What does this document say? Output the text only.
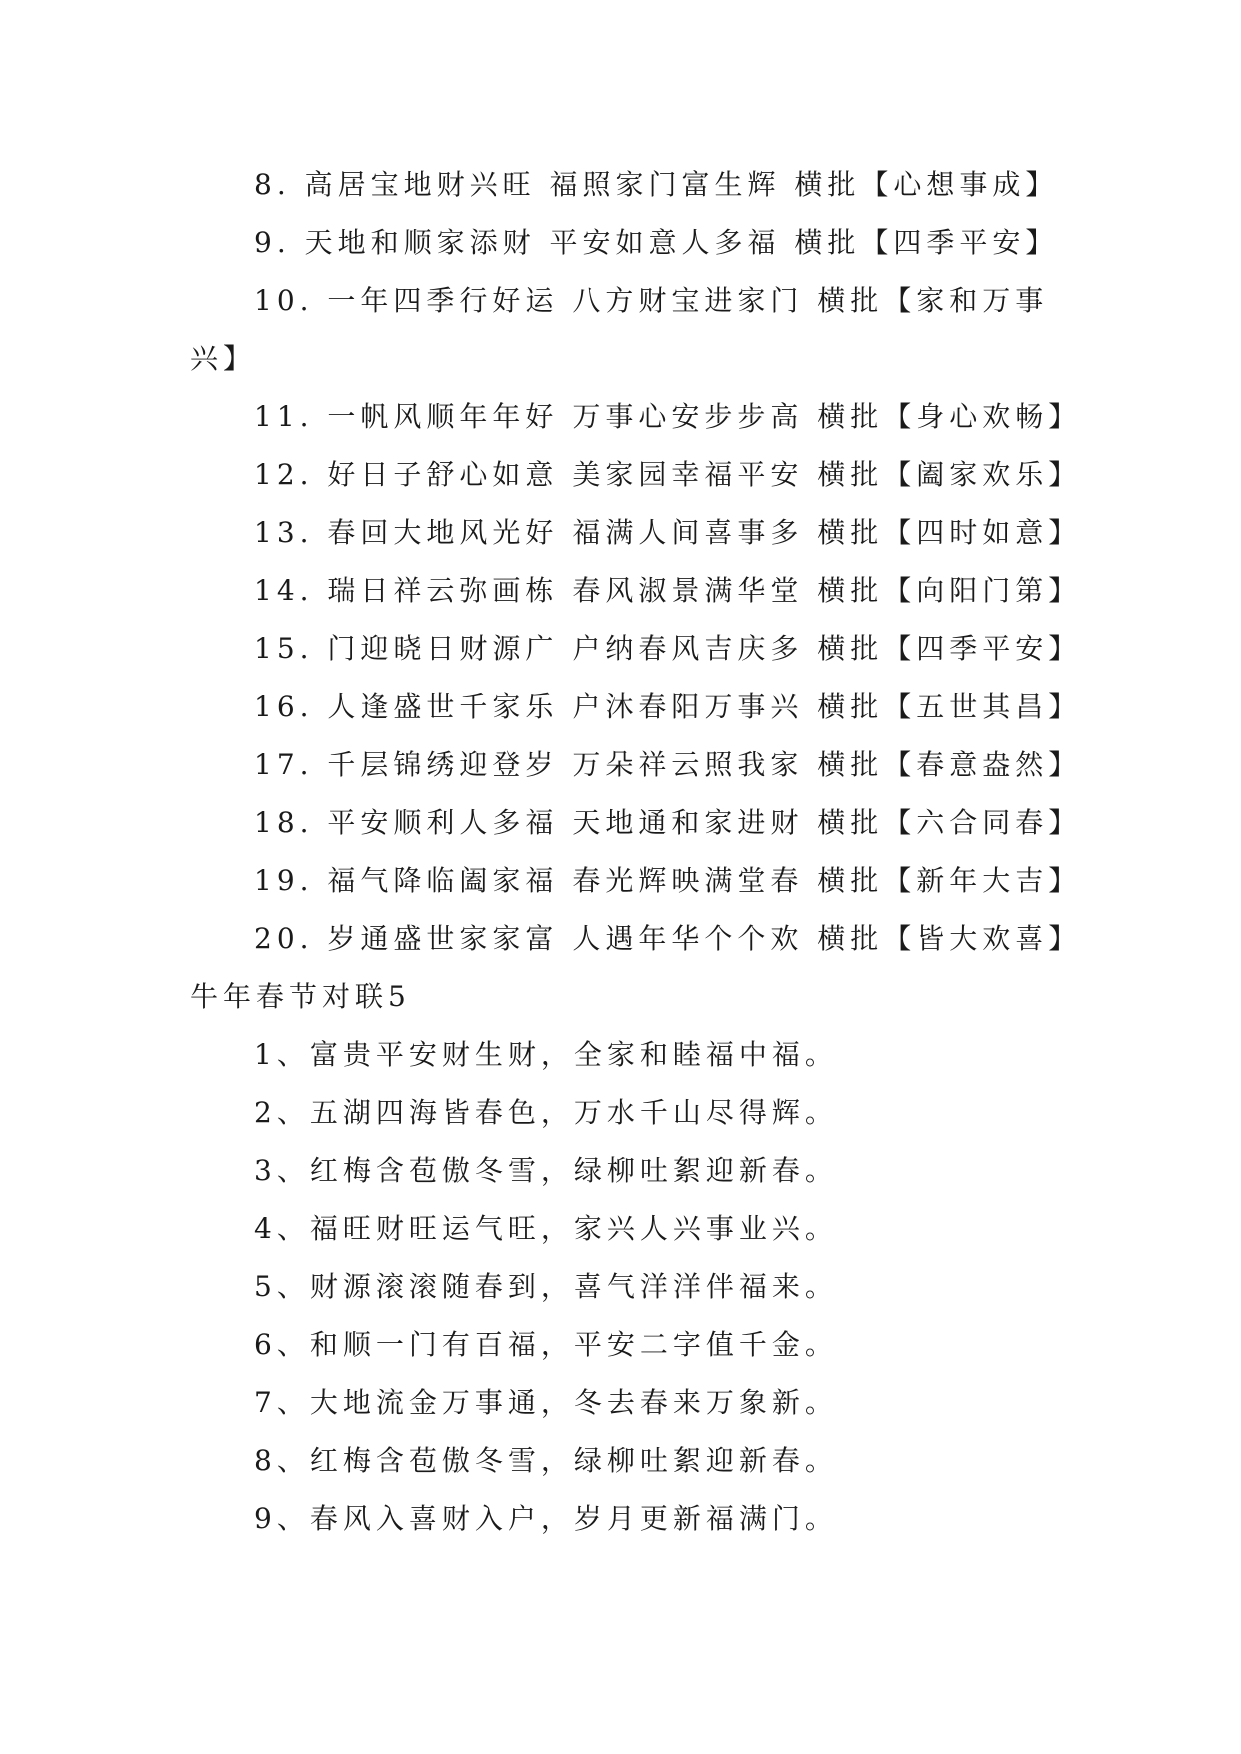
8. 高居宝地财兴旺 福照家门富生辉 横批【心想事成】
9. 天地和顺家添财 平安如意人多福 横批【四季平安】
10. 一年四季行好运 八方财宝进家门 横批【家和万事
兴】
11. 一帆风顺年年好 万事心安步步高 横批【身心欢畅】
12. 好日子舒心如意 美家园幸福平安 横批【阖家欢乐】
13. 春回大地风光好 福满人间喜事多 横批【四时如意】
14. 瑞日祥云弥画栋 春风淑景满华堂 横批【向阳门第】
15. 门迎晓日财源广 户纳春风吉庆多 横批【四季平安】
16. 人逢盛世千家乐 户沐春阳万事兴 横批【五世其昌】
17. 千层锦绣迎登岁 万朵祥云照我家 横批【春意盎然】
18. 平安顺利人多福 天地通和家进财 横批【六合同春】
19. 福气降临阖家福 春光辉映满堂春 横批【新年大吉】
20. 岁通盛世家家富 人遇年华个个欢 横批【皆大欢喜】
牛年春节对联5
1、富贵平安财生财，全家和睦福中福。
2、五湖四海皆春色，万水千山尽得辉。
3、红梅含苞傲冬雪，绿柳吐絮迎新春。
4、福旺财旺运气旺，家兴人兴事业兴。
5、财源滚滚随春到，喜气洋洋伴福来。
6、和顺一门有百福，平安二字值千金。
7、大地流金万事通，冬去春来万象新。
8、红梅含苞傲冬雪，绿柳吐絮迎新春。
9、春风入喜财入户，岁月更新福满门。
